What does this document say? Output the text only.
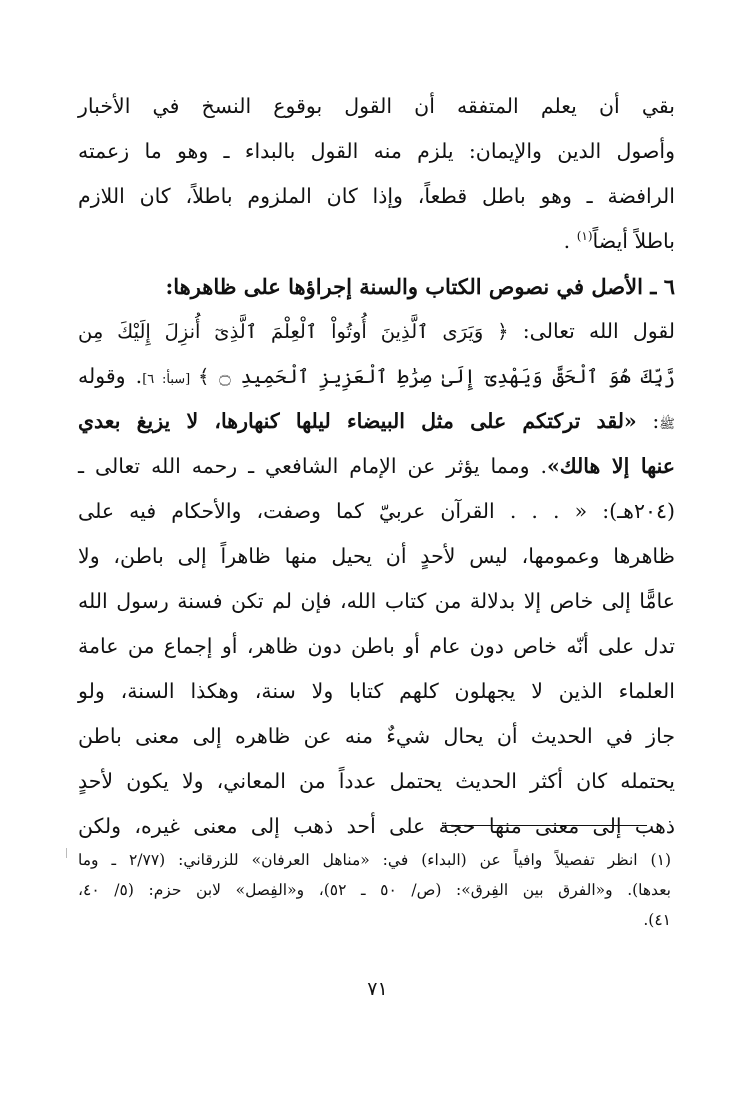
بقي أن يعلم المتفقه أن القول بوقوع النسخ في الأخبار
وأصول الدين والإيمان: يلزم منه القول بالبداء ـ وهو ما زعمته
الرافضة ـ وهو باطل قطعاً، وإذا كان الملزوم باطلاً، كان اللازم
باطلاً أيضاً$^{(١)}$ .
٦ ـ الأصل في نصوص الكتاب والسنة إجراؤها على ظاهرها:
لقول الله تعالى: ﴿ وَيَرَى ٱلَّذِينَ أُوتُواْ ٱلْعِلْمَ ٱلَّذِىٓ أُنزِلَ إِلَيْكَ مِن
رَّبِّكَ هُوَ ٱلْحَقَّ وَيَهْدِىٓ إِلَىٰ صِرَٰطِ ٱلْعَزِيزِ ٱلْحَمِيدِ ۝ ﴾ [سبأ: ٦]. وقوله
ﷺ: «لقد تركتكم على مثل البيضاء ليلها كنهارها، لا يزيغ بعدي
عنها إلا هالك». ومما يؤثر عن الإمام الشافعي ـ رحمه الله تعالى ـ
(٢٠٤هـ): « . . . القرآن عربيّ كما وصفت، والأحكام فيه على
ظاهرها وعمومها، ليس لأحدٍ أن يحيل منها ظاهراً إلى باطن، ولا
عامًّا إلى خاص إلا بدلالة من كتاب الله، فإن لم تكن فسنة رسول الله
تدل على أنّه خاص دون عام أو باطن دون ظاهر، أو إجماع من عامة
العلماء الذين لا يجهلون كلهم كتابا ولا سنة، وهكذا السنة، ولو
جاز في الحديث أن يحال شيءٌ منه عن ظاهره إلى معنى باطن
يحتمله كان أكثر الحديث يحتمل عدداً من المعاني، ولا يكون لأحدٍ
ذهب إلى معنى منها حجة على أحد ذهب إلى معنى غيره، ولكن
(١) انظر تفصيلاً وافياً عن (البداء) في: «مناهل العرفان» للزرقاني: (٢/٧٧ ـ وما
بعدها). و«الفرق بين الفِرق»: (ص/ ٥٠ ـ ٥٢)، و«الفِصل» لابن حزم: (٥/ ٤٠،
٤١).
٧١
